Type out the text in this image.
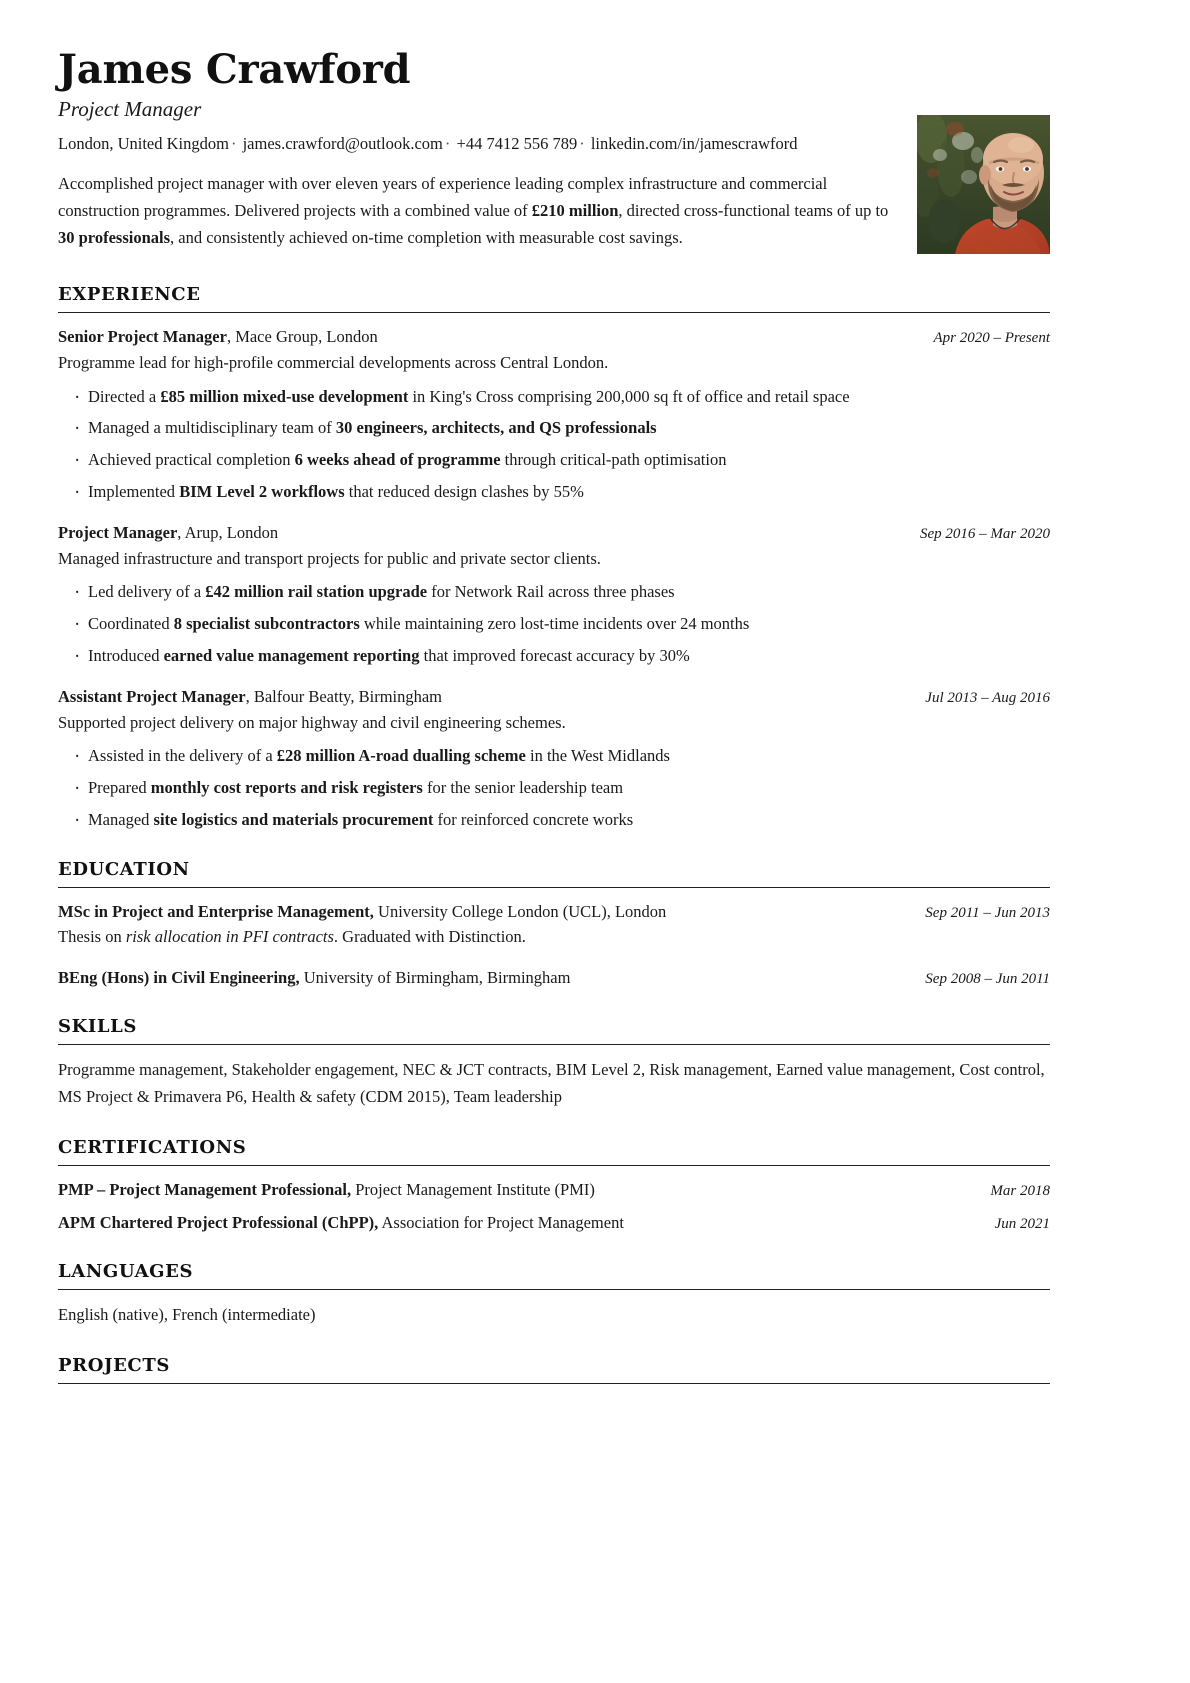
James Crawford
Project Manager
London, United Kingdom · james.crawford@outlook.com · +44 7412 556 789 · linkedin.com/in/jamescrawford
Accomplished project manager with over eleven years of experience leading complex infrastructure and commercial construction programmes. Delivered projects with a combined value of £210 million, directed cross-functional teams of up to 30 professionals, and consistently achieved on-time completion with measurable cost savings.
EXPERIENCE
Senior Project Manager, Mace Group, London	Apr 2020 – Present
Programme lead for high-profile commercial developments across Central London.
· Directed a £85 million mixed-use development in King's Cross comprising 200,000 sq ft of office and retail space
· Managed a multidisciplinary team of 30 engineers, architects, and QS professionals
· Achieved practical completion 6 weeks ahead of programme through critical-path optimisation
· Implemented BIM Level 2 workflows that reduced design clashes by 55%
Project Manager, Arup, London	Sep 2016 – Mar 2020
Managed infrastructure and transport projects for public and private sector clients.
· Led delivery of a £42 million rail station upgrade for Network Rail across three phases
· Coordinated 8 specialist subcontractors while maintaining zero lost-time incidents over 24 months
· Introduced earned value management reporting that improved forecast accuracy by 30%
Assistant Project Manager, Balfour Beatty, Birmingham	Jul 2013 – Aug 2016
Supported project delivery on major highway and civil engineering schemes.
· Assisted in the delivery of a £28 million A-road dualling scheme in the West Midlands
· Prepared monthly cost reports and risk registers for the senior leadership team
· Managed site logistics and materials procurement for reinforced concrete works
EDUCATION
MSc in Project and Enterprise Management, University College London (UCL), London	Sep 2011 – Jun 2013
Thesis on risk allocation in PFI contracts. Graduated with Distinction.
BEng (Hons) in Civil Engineering, University of Birmingham, Birmingham	Sep 2008 – Jun 2011
SKILLS
Programme management, Stakeholder engagement, NEC & JCT contracts, BIM Level 2, Risk management, Earned value management, Cost control, MS Project & Primavera P6, Health & safety (CDM 2015), Team leadership
CERTIFICATIONS
PMP – Project Management Professional, Project Management Institute (PMI)	Mar 2018
APM Chartered Project Professional (ChPP), Association for Project Management	Jun 2021
LANGUAGES
English (native), French (intermediate)
PROJECTS
